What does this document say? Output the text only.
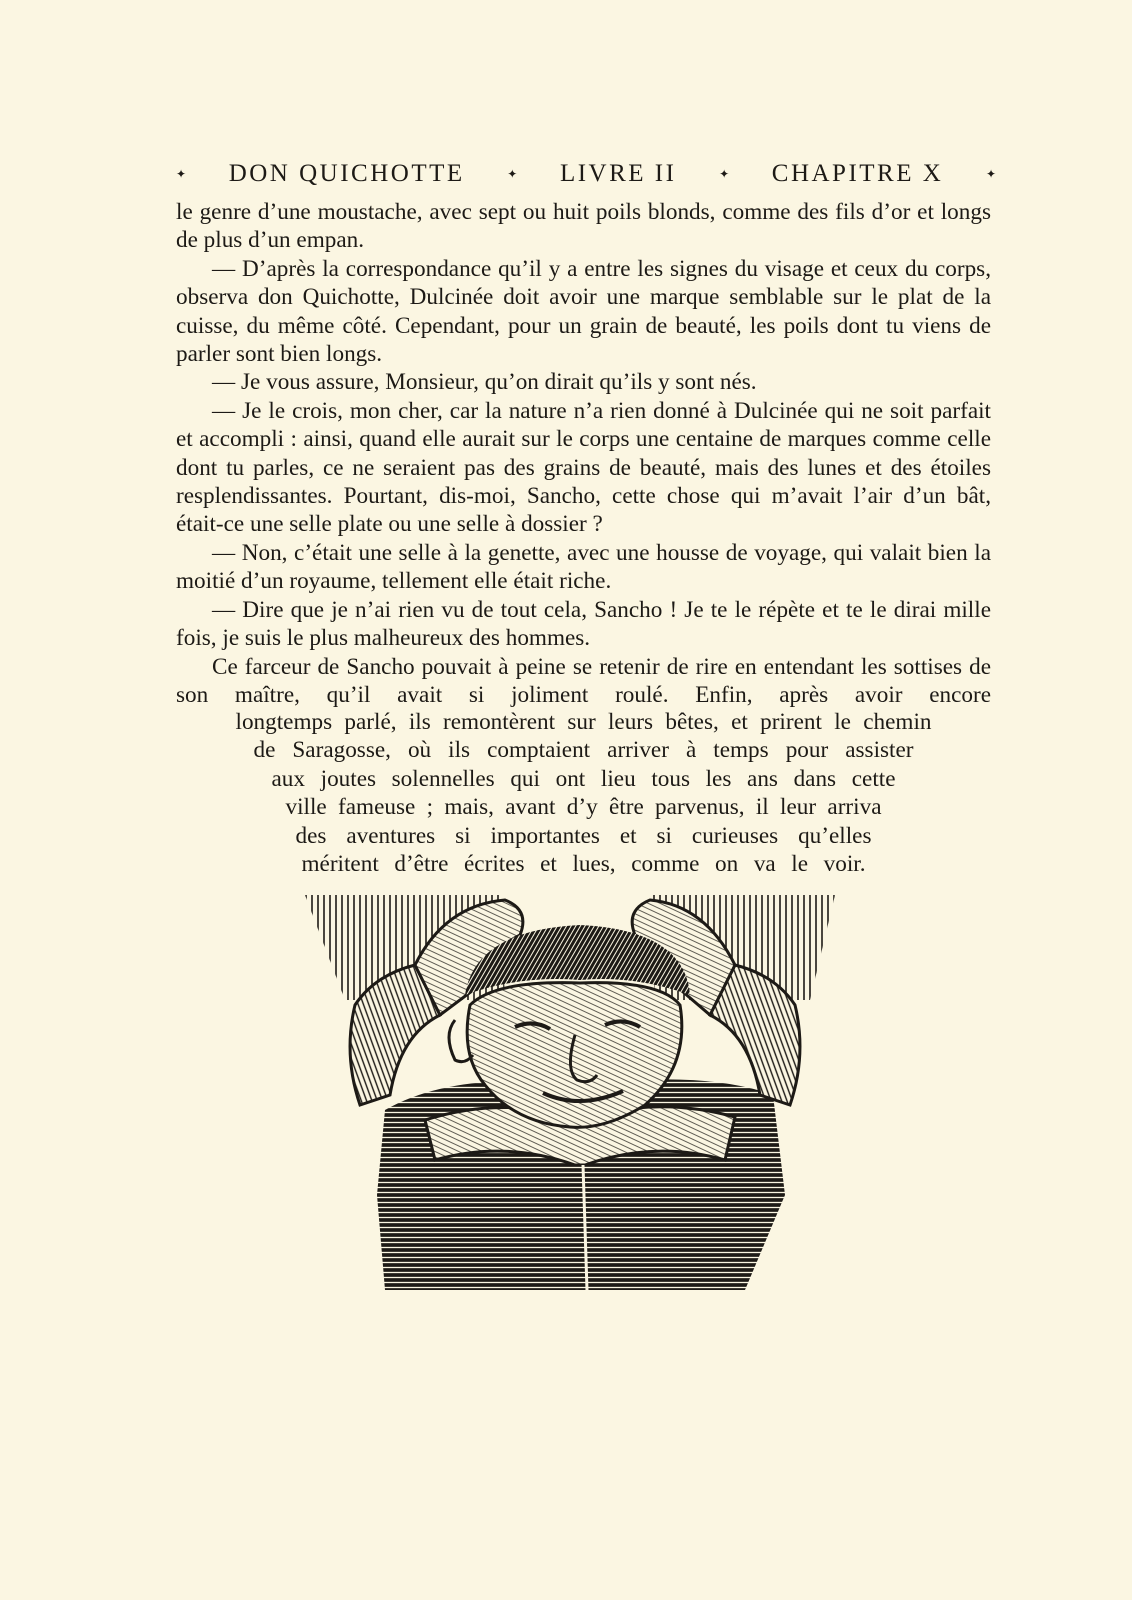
✦ DON QUICHOTTE	✦ LIVRE II	✦ CHAPITRE X	✦

le genre d’une moustache, avec sept ou huit poils blonds, comme des fils d’or et longs de plus d’un empan.

— D’après la correspondance qu’il y a entre les signes du visage et ceux du corps, observa don Quichotte, Dulcinée doit avoir une marque semblable sur le plat de la cuisse, du même côté. Cependant, pour un grain de beauté, les poils dont tu viens de parler sont bien longs.

— Je vous assure, Monsieur, qu’on dirait qu’ils y sont nés.

— Je le crois, mon cher, car la nature n’a rien donné à Dulcinée qui ne soit parfait et accompli : ainsi, quand elle aurait sur le corps une centaine de marques comme celle dont tu parles, ce ne seraient pas des grains de beauté, mais des lunes et des étoiles resplendissantes. Pourtant, dis-moi, Sancho, cette chose qui m’avait l’air d’un bât, était-ce une selle plate ou une selle à dossier ?

— Non, c’était une selle à la genette, avec une housse de voyage, qui valait bien la moitié d’un royaume, tellement elle était riche.

— Dire que je n’ai rien vu de tout cela, Sancho ! Je te le répète et te le dirai mille fois, je suis le plus malheureux des hommes.

Ce farceur de Sancho pouvait à peine se retenir de rire en entendant les sottises de son maître, qu’il avait si joliment roulé. Enfin, après avoir encore

longtemps parlé, ils remontèrent sur leurs bêtes, et prirent le chemin
de Saragosse, où ils comptaient arriver à temps pour assister
aux joutes solennelles qui ont lieu tous les ans dans cette
ville fameuse ; mais, avant d’y être parvenus, il leur arriva
des aventures si importantes et si curieuses qu’elles
méritent d’être écrites et lues, comme on va le voir.
